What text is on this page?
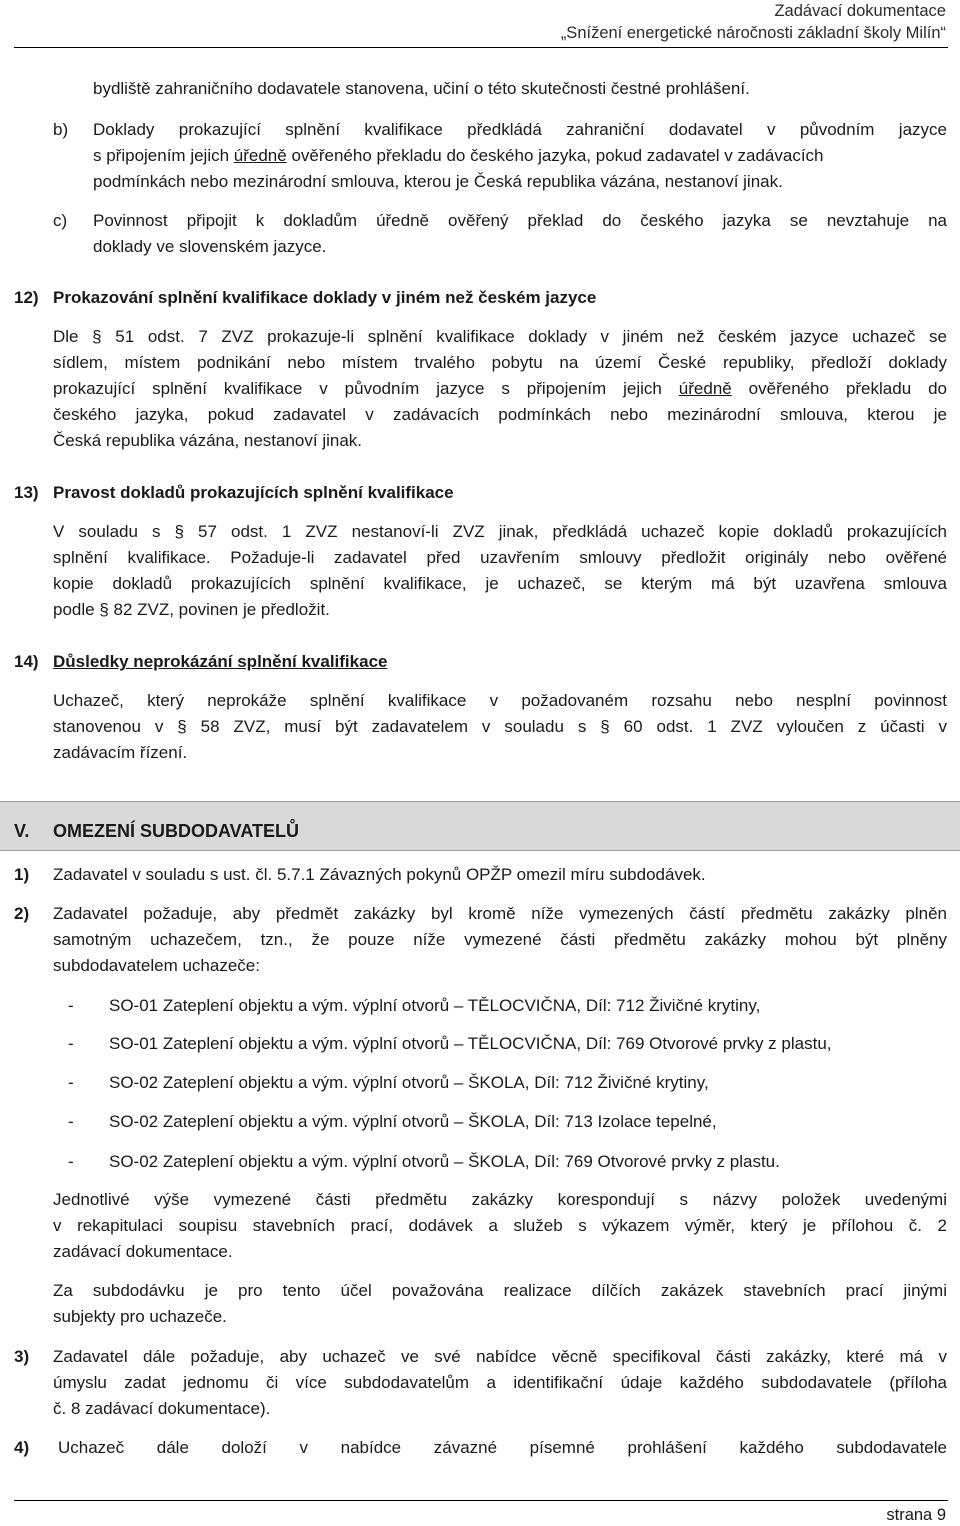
Zadávací dokumentace
„Snížení energetické náročnosti základní školy Milín“
bydliště zahraničního dodavatele stanovena, učiní o této skutečnosti čestné prohlášení.
b) Doklady prokazující splnění kvalifikace předkládá zahraniční dodavatel v původním jazyce
s připojením jejich úředně ověřeného překladu do českého jazyka, pokud zadavatel v zadávacích
podmínkách nebo mezinárodní smlouva, kterou je Česká republika vázána, nestanoví jinak.
c) Povinnost připojit k dokladům úředně ověřený překlad do českého jazyka se nevztahuje na
doklady ve slovenském jazyce.
12) Prokazování splnění kvalifikace doklady v jiném než českém jazyce
Dle § 51 odst. 7 ZVZ prokazuje-li splnění kvalifikace doklady v jiném než českém jazyce uchazeč se
sídlem, místem podnikání nebo místem trvalého pobytu na území České republiky, předloží doklady
prokazující splnění kvalifikace v původním jazyce s připojením jejich úředně ověřeného překladu do
českého jazyka, pokud zadavatel v zadávacích podmínkách nebo mezinárodní smlouva, kterou je
Česká republika vázána, nestanoví jinak.
13) Pravost dokladů prokazujících splnění kvalifikace
V souladu s § 57 odst. 1 ZVZ nestanoví-li ZVZ jinak, předkládá uchazeč kopie dokladů prokazujících
splnění kvalifikace. Požaduje-li zadavatel před uzavřením smlouvy předložit originály nebo ověřené
kopie dokladů prokazujících splnění kvalifikace, je uchazeč, se kterým má být uzavřena smlouva
podle § 82 ZVZ, povinen je předložit.
14) Důsledky neprokázání splnění kvalifikace
Uchazeč, který neprokáže splnění kvalifikace v požadovaném rozsahu nebo nesplní povinnost
stanovenou v § 58 ZVZ, musí být zadavatelem v souladu s § 60 odst. 1 ZVZ vyloučen z účasti v
zadávacím řízení.
V. OMEZENÍ SUBDODAVATELŮ
1) Zadavatel v souladu s ust. čl. 5.7.1 Závazných pokynů OPŽP omezil míru subdodávek.
2) Zadavatel požaduje, aby předmět zakázky byl kromě níže vymezených částí předmětu zakázky plněn
samotným uchazečem, tzn., že pouze níže vymezené části předmětu zakázky mohou být plněny
subdodavatelem uchazeče:
- SO-01 Zateplení objektu a vým. výplní otvorů – TĚLOCVIČNA, Díl: 712 Živičné krytiny,
- SO-01 Zateplení objektu a vým. výplní otvorů – TĚLOCVIČNA, Díl: 769 Otvorové prvky z plastu,
- SO-02 Zateplení objektu a vým. výplní otvorů – ŠKOLA, Díl: 712 Živičné krytiny,
- SO-02 Zateplení objektu a vým. výplní otvorů – ŠKOLA, Díl: 713 Izolace tepelné,
- SO-02 Zateplení objektu a vým. výplní otvorů – ŠKOLA, Díl: 769 Otvorové prvky z plastu.
Jednotlivé výše vymezené části předmětu zakázky korespondují s názvy položek uvedenými
v rekapitulaci soupisu stavebních prací, dodávek a služeb s výkazem výměr, který je přílohou č. 2
zadávací dokumentace.
Za subdodávku je pro tento účel považována realizace dílčích zakázek stavebních prací jinými
subjekty pro uchazeče.
3) Zadavatel dále požaduje, aby uchazeč ve své nabídce věcně specifikoval části zakázky, které má v
úmyslu zadat jednomu či více subdodavatelům a identifikační údaje každého subdodavatele (příloha
č. 8 zadávací dokumentace).
4) Uchazeč dále doloží v nabídce závazné písemné prohlášení každého subdodavatele
strana 9
